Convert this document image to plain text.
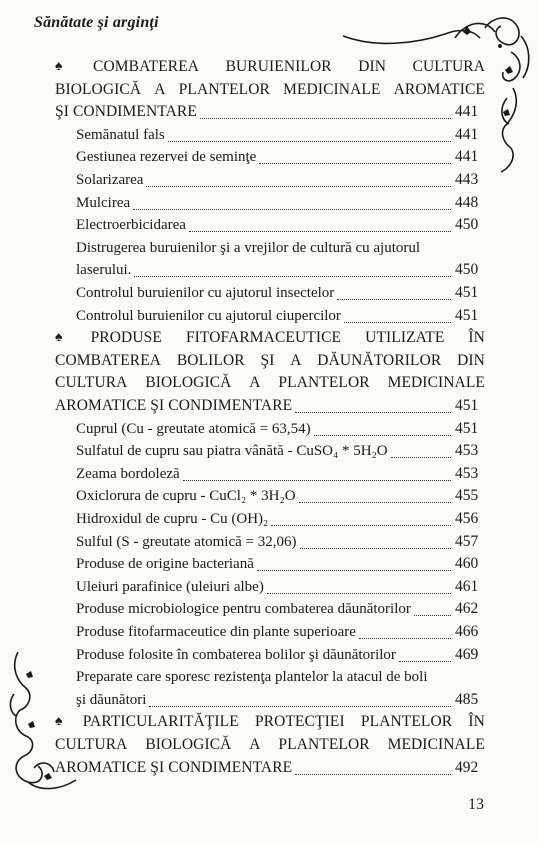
Sănătate şi arginţi
♠ COMBATEREA BURUIENILOR DIN CULTURA
BIOLOGICĂ A PLANTELOR MEDICINALE AROMATICE
ŞI CONDIMENTARE	441
Semănatul fals	441
Gestiunea rezervei de seminţe	441
Solarizarea	443
Mulcirea	448
Electroerbicidarea	450
Distrugerea buruienilor şi a vrejilor de cultură cu ajutorul
laserului.	450
Controlul buruienilor cu ajutorul insectelor	451
Controlul buruienilor cu ajutorul ciupercilor	451
♠ PRODUSE FITOFARMACEUTICE UTILIZATE ÎN
COMBATEREA BOLILOR ŞI A DĂUNĂTORILOR DIN
CULTURA BIOLOGICĂ A PLANTELOR MEDICINALE
AROMATICE ŞI CONDIMENTARE	451
Cuprul (Cu - greutate atomică = 63,54)	451
Sulfatul de cupru sau piatra vânătă - CuSO₄ * 5H₂O	453
Zeama bordoleză	453
Oxiclorura de cupru - CuCl₂ * 3H₂O	455
Hidroxidul de cupru - Cu (OH)₂	456
Sulful (S - greutate atomică = 32,06)	457
Produse de origine bacteriană	460
Uleiuri parafinice (uleiuri albe)	461
Produse microbiologice pentru combaterea dăunătorilor	462
Produse fitofarmaceutice din plante superioare	466
Produse folosite în combaterea bolilor şi dăunătorilor	469
Preparate care sporesc rezistenţa plantelor la atacul de boli
şi dăunători	485
♠ PARTICULARITĂŢILE PROTECŢIEI PLANTELOR ÎN
CULTURA BIOLOGICĂ A PLANTELOR MEDICINALE
AROMATICE ŞI CONDIMENTARE	492
13
